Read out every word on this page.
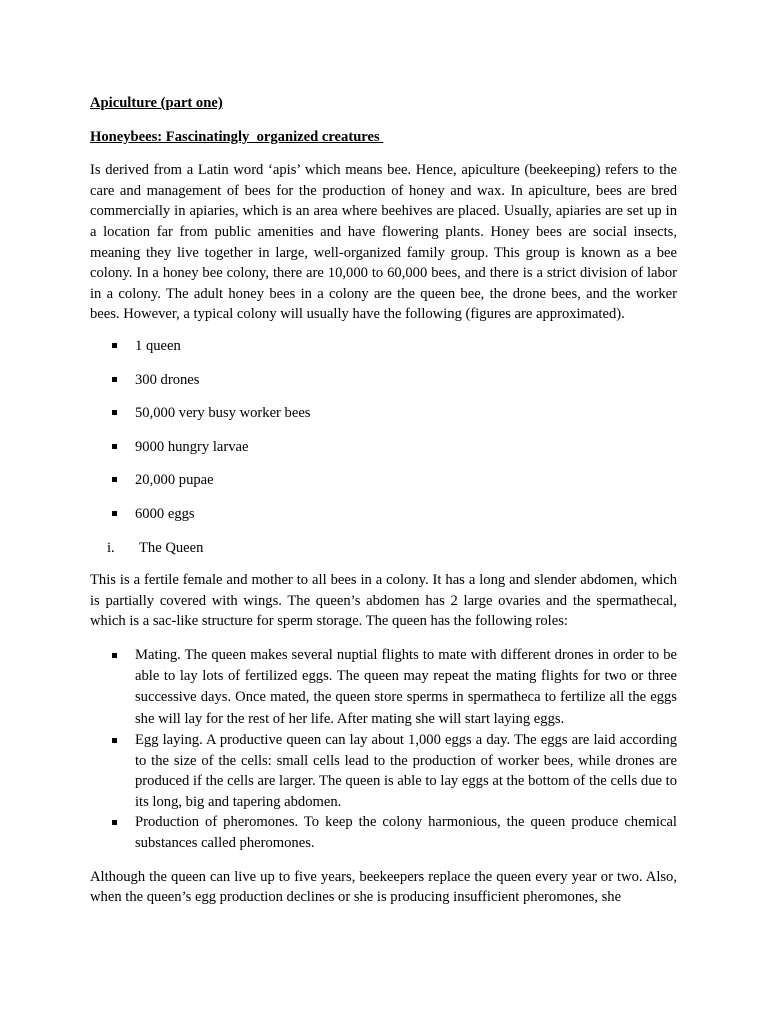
Apiculture (part one)

Honeybees: Fascinatingly  organized creatures

Is derived from a Latin word ‘apis’ which means bee. Hence, apiculture (beekeeping) refers to the care and management of bees for the production of honey and wax. In apiculture, bees are bred commercially in apiaries, which is an area where beehives are placed. Usually, apiaries are set up in a location far from public amenities and have flowering plants. Honey bees are social insects, meaning they live together in large, well-organized family group. This group is known as a bee colony. In a honey bee colony, there are 10,000 to 60,000 bees, and there is a strict division of labor in a colony. The adult honey bees in a colony are the queen bee, the drone bees, and the worker bees. However, a typical colony will usually have the following (figures are approximated).

1 queen
300 drones
50,000 very busy worker bees
9000 hungry larvae
20,000 pupae
6000 eggs
i. The Queen

This is a fertile female and mother to all bees in a colony. It has a long and slender abdomen, which is partially covered with wings. The queen’s abdomen has 2 large ovaries and the spermathecal, which is a sac-like structure for sperm storage. The queen has the following roles:

Mating. The queen makes several nuptial flights to mate with different drones in order to be able to lay lots of fertilized eggs. The queen may repeat the mating flights for two or three successive days. Once mated, the queen store sperms in spermatheca to fertilize all the eggs she will lay for the rest of her life. After mating she will start laying eggs.
Egg laying. A productive queen can lay about 1,000 eggs a day. The eggs are laid according to the size of the cells: small cells lead to the production of worker bees, while drones are produced if the cells are larger. The queen is able to lay eggs at the bottom of the cells due to its long, big and tapering abdomen.
Production of pheromones. To keep the colony harmonious, the queen produce chemical substances called pheromones.

Although the queen can live up to five years, beekeepers replace the queen every year or two. Also, when the queen’s egg production declines or she is producing insufficient pheromones, she
